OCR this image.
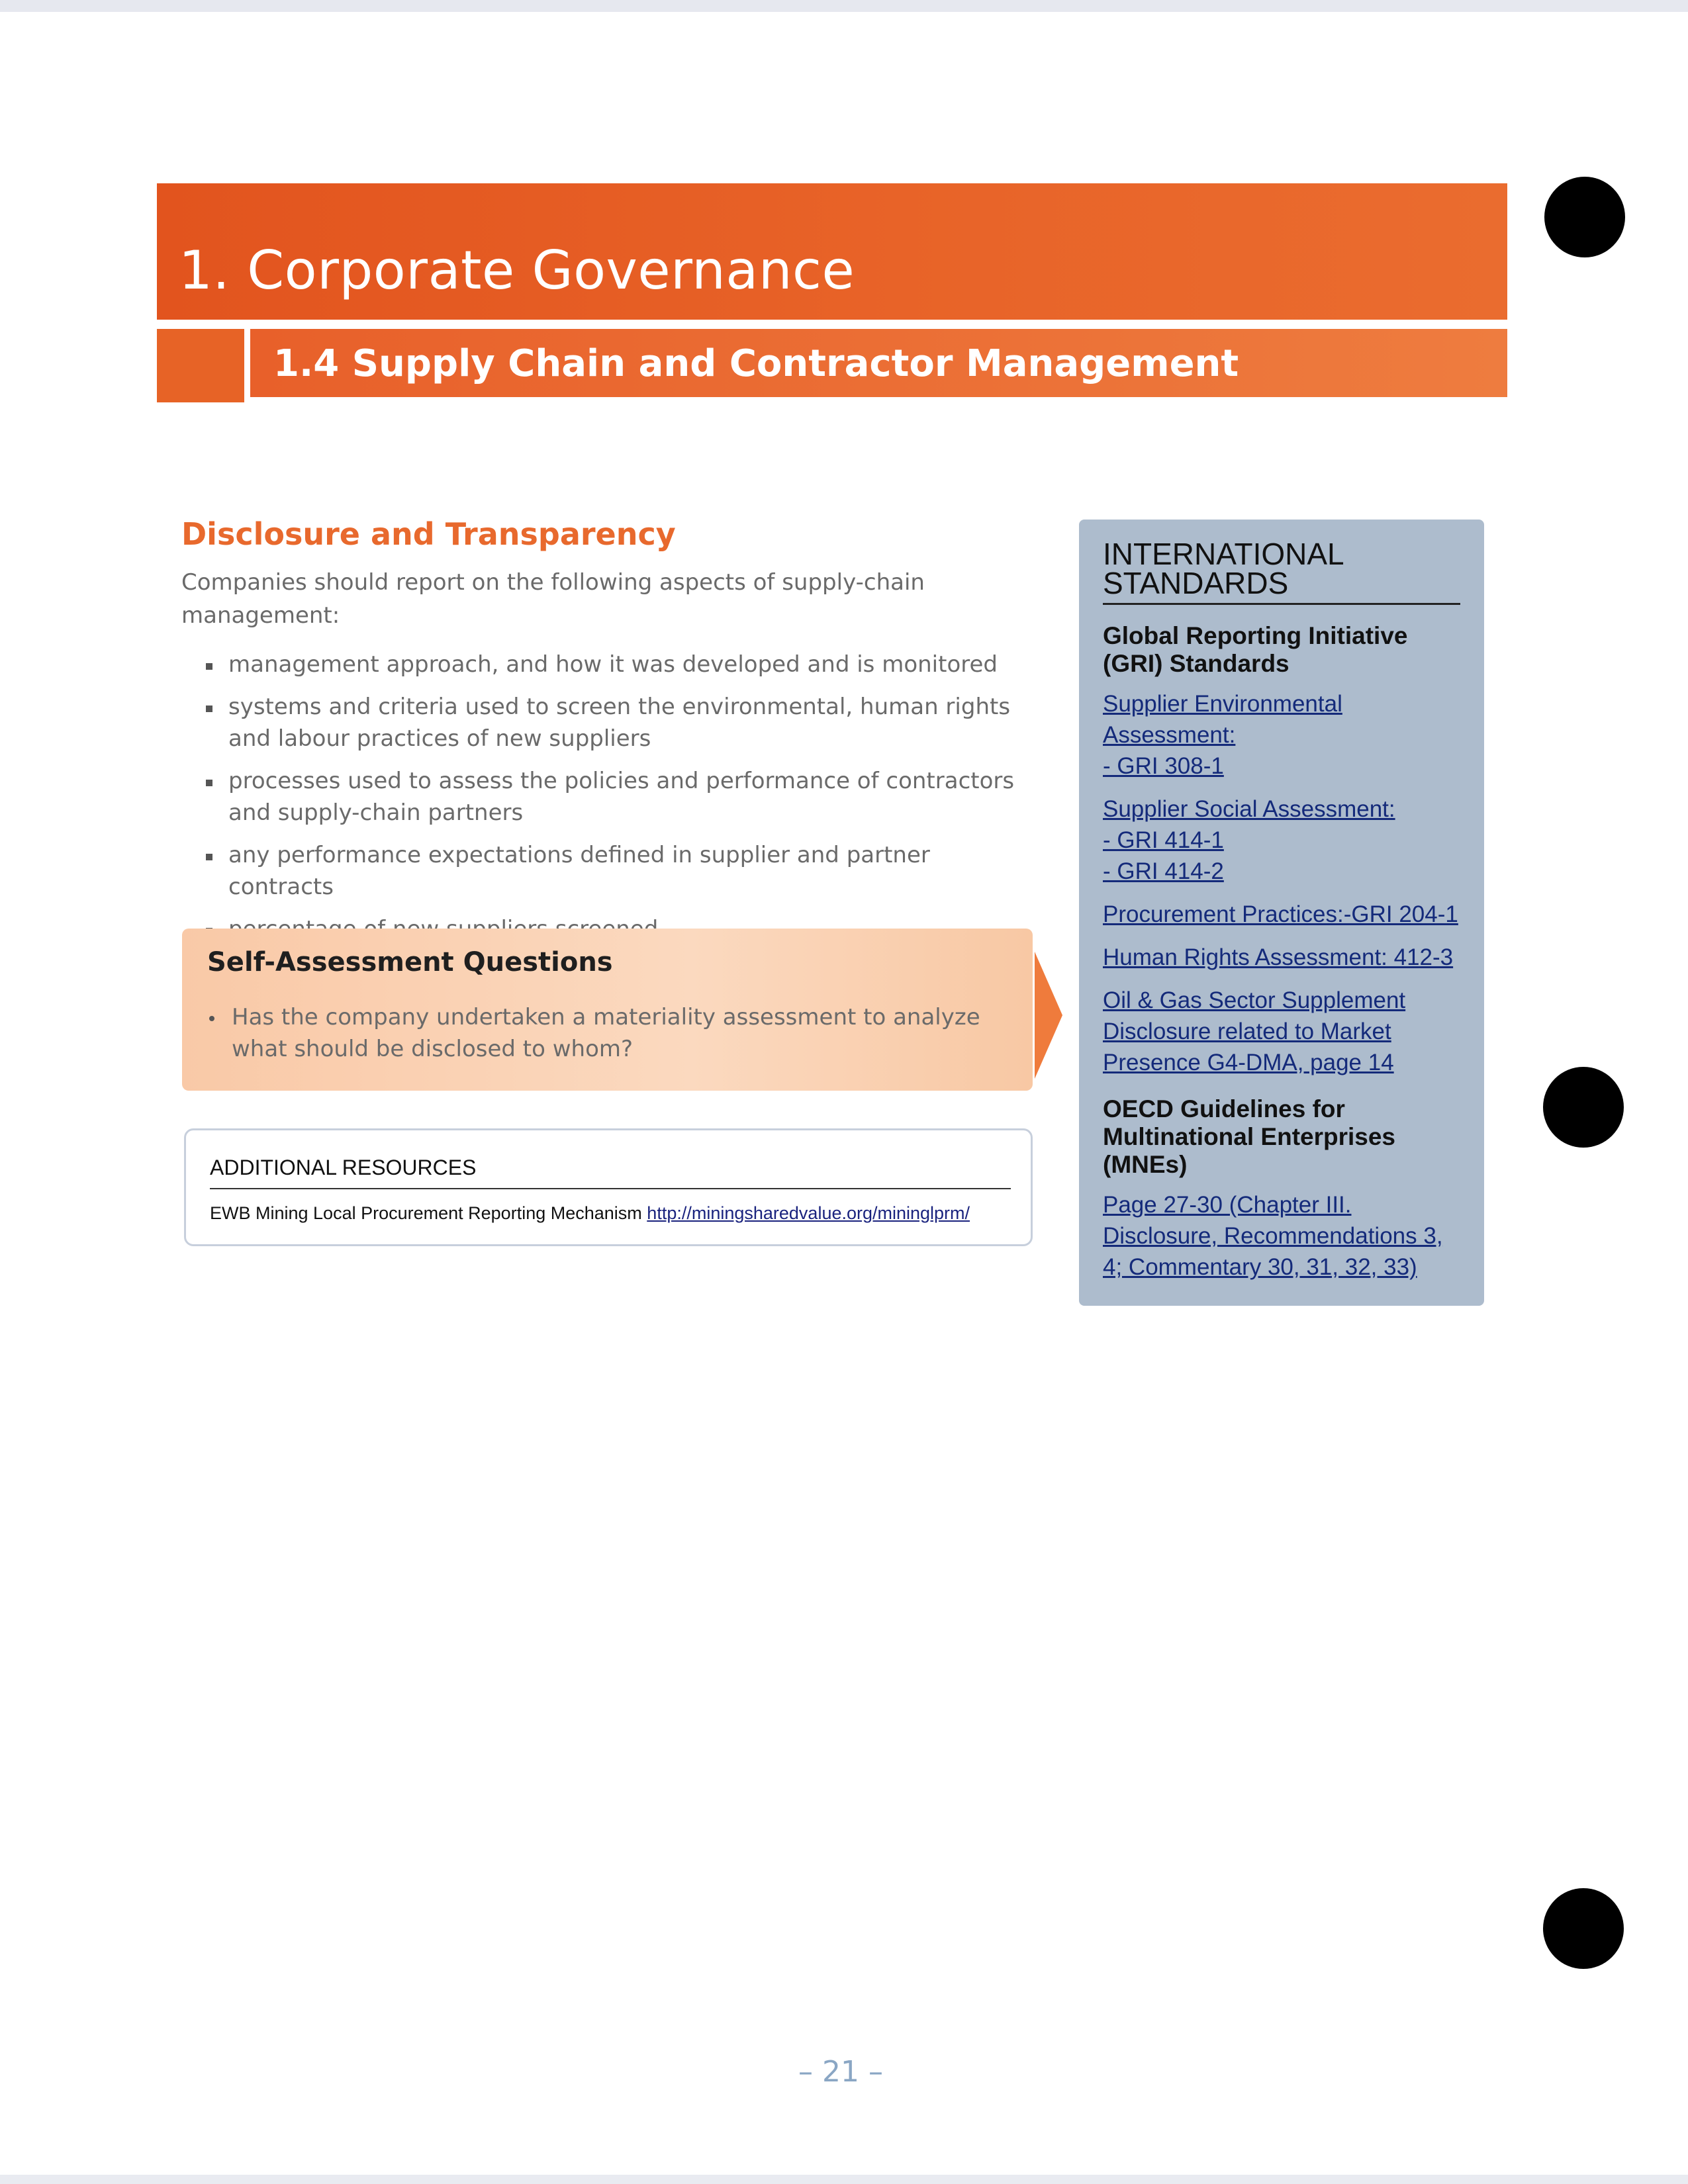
1. Corporate Governance
1.4 Supply Chain and Contractor Management
Disclosure and Transparency

Companies should report on the following aspects of supply-chain management:

management approach, and how it was developed and is monitored
systems and criteria used to screen the environmental, human rights and labour practices of new suppliers
processes used to assess the policies and performance of contractors and supply-chain partners
any performance expectations defined in supplier and partner contracts
Self-Assessment Questions
Has the company undertaken a materiality assessment to analyze what should be disclosed to whom?

ADDITIONAL RESOURCES

EWB Mining Local Procurement Reporting Mechanism http://miningsharedvalue.org/mininglprm/

INTERNATIONAL STANDARDS

Global Reporting Initiative (GRI) Standards

Supplier Environmental
Assessment:
- GRI 308-1
Supplier Social Assessment:
- GRI 414-1
- GRI 414-2
Procurement Practices:-GRI 204-1
Human Rights Assessment: 412-3
Oil & Gas Sector Supplement
Disclosure related to Market
Presence G4-DMA, page 14

OECD Guidelines for Multinational Enterprises (MNEs)

Page 27-30 (Chapter III.
Disclosure, Recommendations 3,
4; Commentary 30, 31, 32, 33)

– 21 –
